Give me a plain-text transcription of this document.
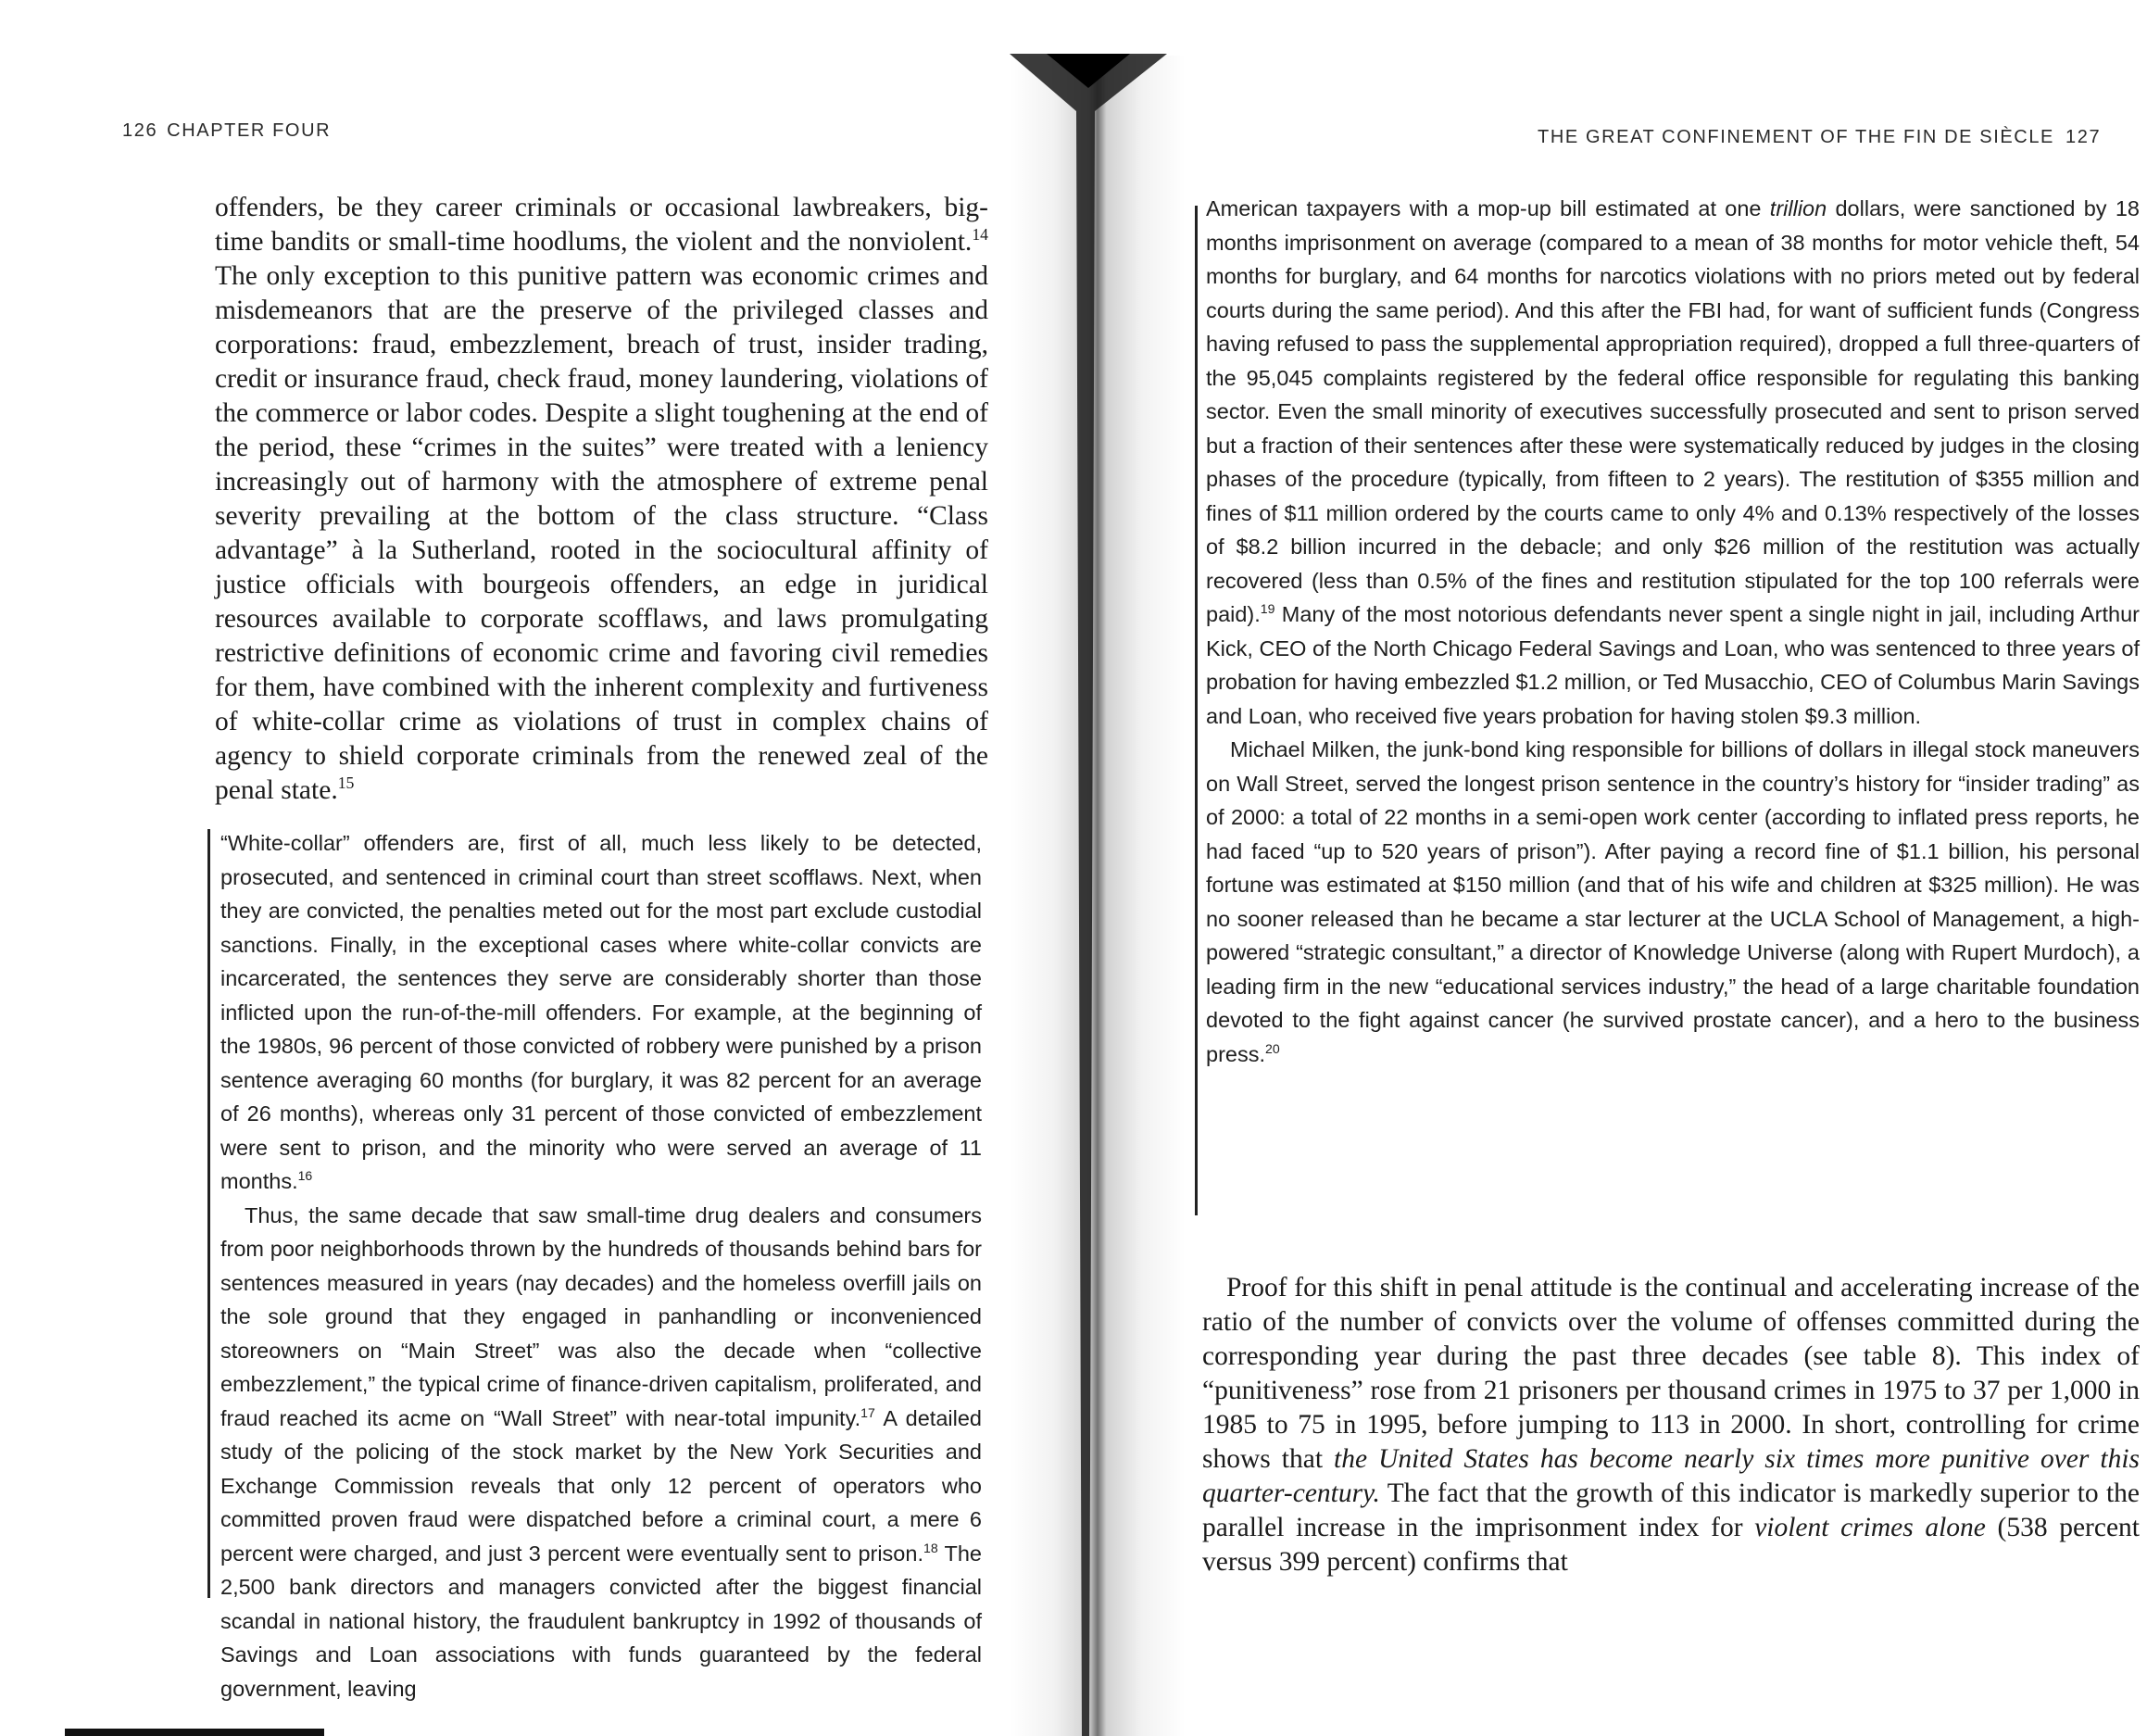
126 CHAPTER FOUR

offenders, be they career criminals or occasional lawbreakers, big-time bandits or small-time hoodlums, the violent and the nonviolent.$^{14}$ The only exception to this punitive pattern was economic crimes and misdemeanors that are the preserve of the privileged classes and corporations: fraud, embezzlement, breach of trust, insider trading, credit or insurance fraud, check fraud, money laundering, violations of the commerce or labor codes. Despite a slight toughening at the end of the period, these “crimes in the suites” were treated with a leniency increasingly out of harmony with the atmosphere of extreme penal severity prevailing at the bottom of the class structure. “Class advantage” à la Sutherland, rooted in the sociocultural affinity of justice officials with bourgeois offenders, an edge in juridical resources available to corporate scofflaws, and laws promulgating restrictive definitions of economic crime and favoring civil remedies for them, have combined with the inherent complexity and furtiveness of white-collar crime as violations of trust in complex chains of agency to shield corporate criminals from the renewed zeal of the penal state.$^{15}$

“White-collar” offenders are, first of all, much less likely to be detected, prosecuted, and sentenced in criminal court than street scofflaws. Next, when they are convicted, the penalties meted out for the most part exclude custodial sanctions. Finally, in the exceptional cases where white-collar convicts are incarcerated, the sentences they serve are considerably shorter than those inflicted upon the run-of-the-mill offenders. For example, at the beginning of the 1980s, 96 percent of those convicted of robbery were punished by a prison sentence averaging 60 months (for burglary, it was 82 percent for an average of 26 months), whereas only 31 percent of those convicted of embezzlement were sent to prison, and the minority who were served an average of 11 months.$^{16}$

Thus, the same decade that saw small-time drug dealers and consumers from poor neighborhoods thrown by the hundreds of thousands behind bars for sentences measured in years (nay decades) and the homeless overfill jails on the sole ground that they engaged in panhandling or inconvenienced storeowners on “Main Street” was also the decade when “collective embezzlement,” the typical crime of finance-driven capitalism, proliferated, and fraud reached its acme on “Wall Street” with near-total impunity.$^{17}$ A detailed study of the policing of the stock market by the New York Securities and Exchange Commission reveals that only 12 percent of operators who committed proven fraud were dispatched before a criminal court, a mere 6 percent were charged, and just 3 percent were eventually sent to prison.$^{18}$ The 2,500 bank directors and managers convicted after the biggest financial scandal in national history, the fraudulent bankruptcy in 1992 of thousands of Savings and Loan associations with funds guaranteed by the federal government, leaving

THE GREAT CONFINEMENT OF THE FIN DE SIÈCLE 127

American taxpayers with a mop-up bill estimated at one trillion dollars, were sanctioned by 18 months imprisonment on average (compared to a mean of 38 months for motor vehicle theft, 54 months for burglary, and 64 months for narcotics violations with no priors meted out by federal courts during the same period). And this after the FBI had, for want of sufficient funds (Congress having refused to pass the supplemental appropriation required), dropped a full three-quarters of the 95,045 complaints registered by the federal office responsible for regulating this banking sector. Even the small minority of executives successfully prosecuted and sent to prison served but a fraction of their sentences after these were systematically reduced by judges in the closing phases of the procedure (typically, from fifteen to 2 years). The restitution of $355 million and fines of $11 million ordered by the courts came to only 4% and 0.13% respectively of the losses of $8.2 billion incurred in the debacle; and only $26 million of the restitution was actually recovered (less than 0.5% of the fines and restitution stipulated for the top 100 referrals were paid).$^{19}$ Many of the most notorious defendants never spent a single night in jail, including Arthur Kick, CEO of the North Chicago Federal Savings and Loan, who was sentenced to three years of probation for having embezzled $1.2 million, or Ted Musacchio, CEO of Columbus Marin Savings and Loan, who received five years probation for having stolen $9.3 million.

Michael Milken, the junk-bond king responsible for billions of dollars in illegal stock maneuvers on Wall Street, served the longest prison sentence in the country’s history for “insider trading” as of 2000: a total of 22 months in a semi-open work center (according to inflated press reports, he had faced “up to 520 years of prison”). After paying a record fine of $1.1 billion, his personal fortune was estimated at $150 million (and that of his wife and children at $325 million). He was no sooner released than he became a star lecturer at the UCLA School of Management, a high-powered “strategic consultant,” a director of Knowledge Universe (along with Rupert Murdoch), a leading firm in the new “educational services industry,” the head of a large charitable foundation devoted to the fight against cancer (he survived prostate cancer), and a hero to the business press.$^{20}$

Proof for this shift in penal attitude is the continual and accelerating increase of the ratio of the number of convicts over the volume of offenses committed during the corresponding year during the past three decades (see table 8). This index of “punitiveness” rose from 21 prisoners per thousand crimes in 1975 to 37 per 1,000 in 1985 to 75 in 1995, before jumping to 113 in 2000. In short, controlling for crime shows that the United States has become nearly six times more punitive over this quarter-century. The fact that the growth of this indicator is markedly superior to the parallel increase in the imprisonment index for violent crimes alone (538 percent versus 399 percent) confirms that
